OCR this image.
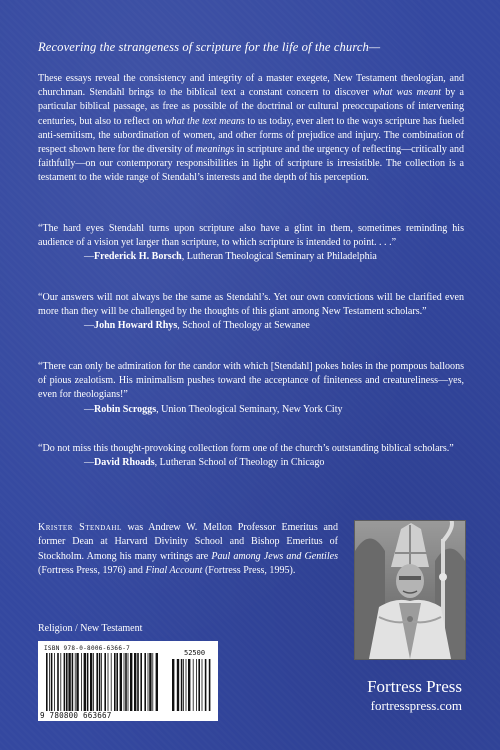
Recovering the strangeness of scripture for the life of the church—
These essays reveal the consistency and integrity of a master exegete, New Testament theologian, and churchman. Stendahl brings to the biblical text a constant concern to discover what was meant by a particular biblical passage, as free as possible of the doctrinal or cultural preoccupations of intervening centuries, but also to reflect on what the text means to us today, ever alert to the ways scripture has fueled anti-semitism, the subordination of women, and other forms of prejudice and injury. The combination of respect shown here for the diversity of meanings in scripture and the urgency of reflecting—critically and faithfully—on our contemporary responsibilities in light of scripture is irresistible. The collection is a testament to the wide range of Stendahl’s interests and the depth of his perception.
“The hard eyes Stendahl turns upon scripture also have a glint in them, sometimes reminding his audience of a vision yet larger than scripture, to which scripture is intended to point. . . .”
—Frederick H. Borsch, Lutheran Theological Seminary at Philadelphia
“Our answers will not always be the same as Stendahl’s. Yet our own convictions will be clarified even more than they will be challenged by the thoughts of this giant among New Testament scholars.”
—John Howard Rhys, School of Theology at Sewanee
“There can only be admiration for the candor with which [Stendahl] pokes holes in the pompous balloons of pious zealotism. His minimalism pushes toward the acceptance of finiteness and creatureliness—yes, even for theologians!”
—Robin Scroggs, Union Theological Seminary, New York City
“Do not miss this thought-provoking collection form one of the church’s outstanding biblical scholars.”
—David Rhoads, Lutheran School of Theology in Chicago
Krister Stendahl was Andrew W. Mellon Professor Emeritus and former Dean at Harvard Divinity School and Bishop Emeritus of Stockholm. Among his many writings are Paul among Jews and Gentiles (Fortress Press, 1976) and Final Account (Fortress Press, 1995).
Religion / New Testament
ISBN 978-0-8006-6366-7
52500
9 780800 663667
Fortress Press
fortresspress.com
